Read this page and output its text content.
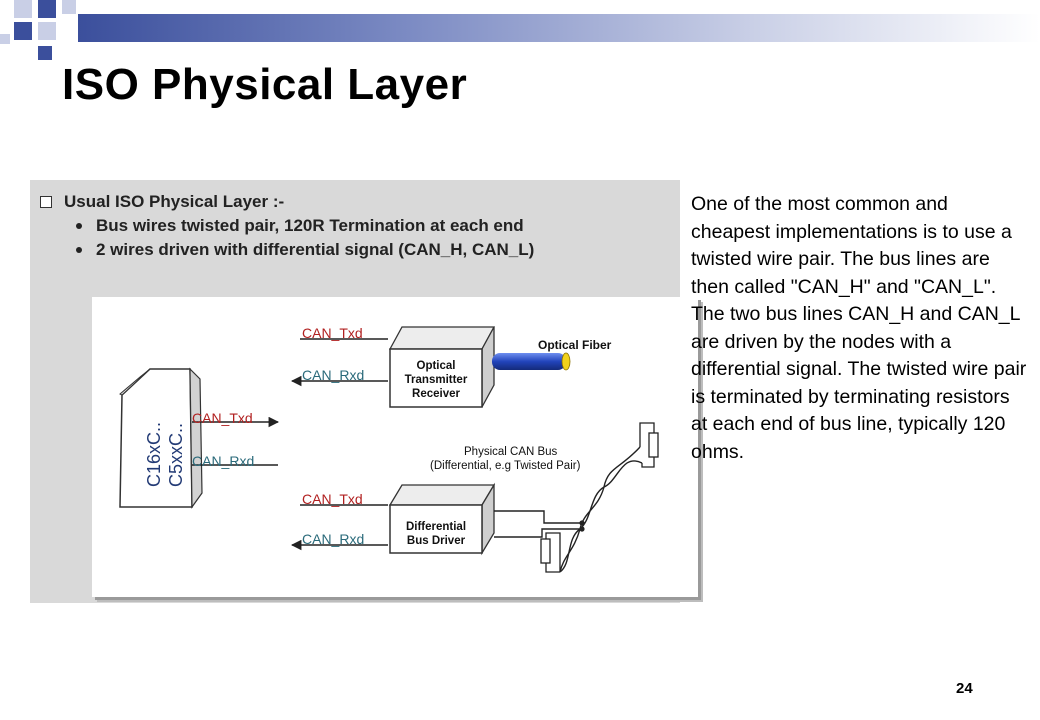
ISO Physical Layer
Usual ISO Physical Layer :-
Bus wires twisted pair, 120R Termination at each end
2 wires driven with differential signal (CAN_H, CAN_L)
C16xC.. C5xxC..
CAN_Txd
CAN_Rxd
Optical
Transmitter
Receiver
CAN_Txd
CAN_Rxd
Optical Fiber
Physical CAN Bus
(Differential, e.g Twisted Pair)
Differential
Bus Driver
CAN_Txd
CAN_Rxd

One of the most common and cheapest implementations is to use a twisted wire pair. The bus lines are then called "CAN_H" and "CAN_L". The two bus lines CAN_H and CAN_L are driven by the nodes with a differential signal. The twisted wire pair is terminated by terminating resistors at each end of bus line, typically 120 ohms.

24
